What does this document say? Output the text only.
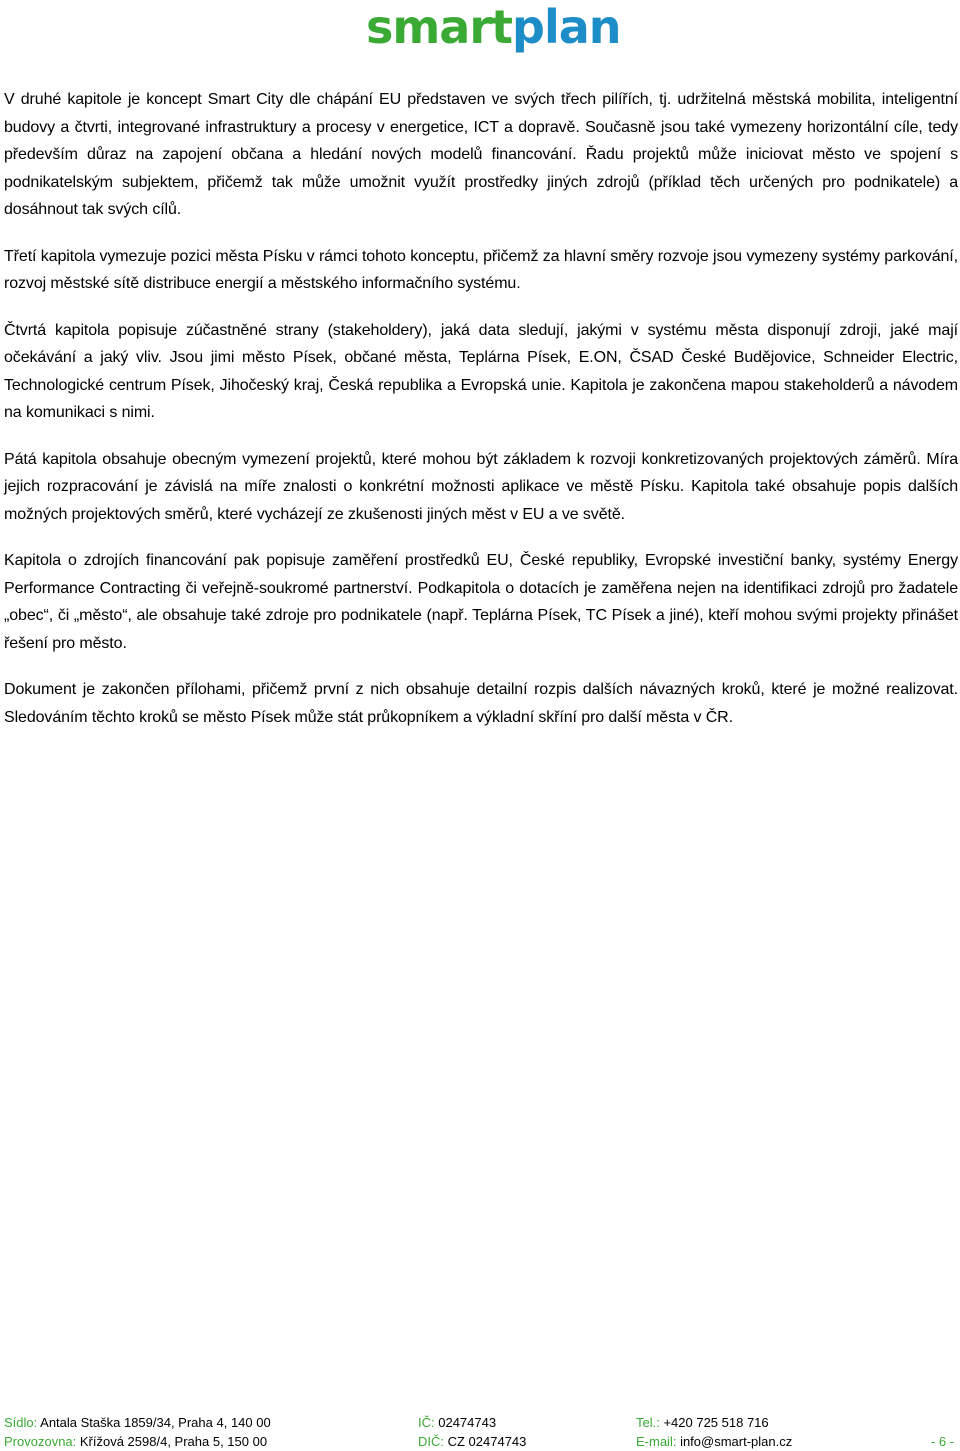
smartplan

V druhé kapitole je koncept Smart City dle chápání EU představen ve svých třech pilířích, tj. udržitelná městská mobilita, inteligentní budovy a čtvrti, integrované infrastruktury a procesy v energetice, ICT a dopravě. Současně jsou také vymezeny horizontální cíle, tedy především důraz na zapojení občana a hledání nových modelů financování. Řadu projektů může iniciovat město ve spojení s podnikatelským subjektem, přičemž tak může umožnit využít prostředky jiných zdrojů (příklad těch určených pro podnikatele) a dosáhnout tak svých cílů.

Třetí kapitola vymezuje pozici města Písku v rámci tohoto konceptu, přičemž za hlavní směry rozvoje jsou vymezeny systémy parkování, rozvoj městské sítě distribuce energií a městského informačního systému.

Čtvrtá kapitola popisuje zúčastněné strany (stakeholdery), jaká data sledují, jakými v systému města disponují zdroji, jaké mají očekávání a jaký vliv. Jsou jimi město Písek, občané města, Teplárna Písek, E.ON, ČSAD České Budějovice, Schneider Electric, Technologické centrum Písek, Jihočeský kraj, Česká republika a Evropská unie. Kapitola je zakončena mapou stakeholderů a návodem na komunikaci s nimi.

Pátá kapitola obsahuje obecným vymezení projektů, které mohou být základem k rozvoji konkretizovaných projektových záměrů. Míra jejich rozpracování je závislá na míře znalosti o konkrétní možnosti aplikace ve městě Písku. Kapitola také obsahuje popis dalších možných projektových směrů, které vycházejí ze zkušenosti jiných měst v EU a ve světě.

Kapitola o zdrojích financování pak popisuje zaměření prostředků EU, České republiky, Evropské investiční banky, systémy Energy Performance Contracting či veřejně-soukromé partnerství. Podkapitola o dotacích je zaměřena nejen na identifikaci zdrojů pro žadatele „obec“, či „město“, ale obsahuje také zdroje pro podnikatele (např. Teplárna Písek, TC Písek a jiné), kteří mohou svými projekty přinášet řešení pro město.

Dokument je zakončen přílohami, přičemž první z nich obsahuje detailní rozpis dalších návazných kroků, které je možné realizovat. Sledováním těchto kroků se město Písek může stát průkopníkem a výkladní skříní pro další města v ČR.

Sídlo: Antala Staška 1859/34, Praha 4, 140 00
Provozovna: Křížová 2598/4, Praha 5, 150 00
IČ: 02474743
DIČ: CZ 02474743
Tel.: +420 725 518 716
E-mail: info@smart-plan.cz
	- 6 -
